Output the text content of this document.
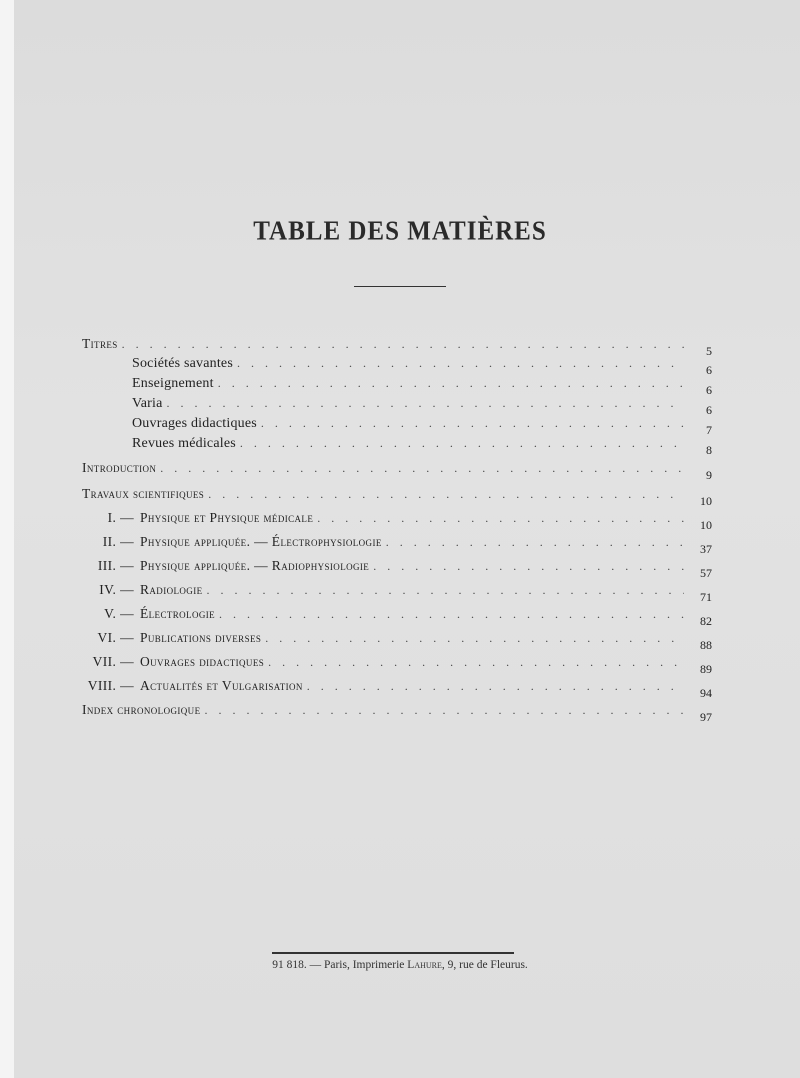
TABLE DES MATIÈRES
Titres . . .	5
Sociétés savantes . . .	6
Enseignement . . .	6
Varia . . .	6
Ouvrages didactiques . . .	7
Revues médicales . . .	8
Introduction . . .	9
Travaux scientifiques . . .	10
I. — Physique et Physique médicale . . .	10
II. — Physique appliquée. — Électrophysiologie . . .	37
III. — Physique appliquée. — Radiophysiologie . . .	57
IV. — Radiologie . . .	71
V. — Électrologie . . .	82
VI. — Publications diverses . . .	88
VII. — Ouvrages didactiques . . .	89
VIII. — Actualités et Vulgarisation . . .	94
Index chronologique . . .	97
91 818. — Paris, Imprimerie Lahure, 9, rue de Fleurus.
